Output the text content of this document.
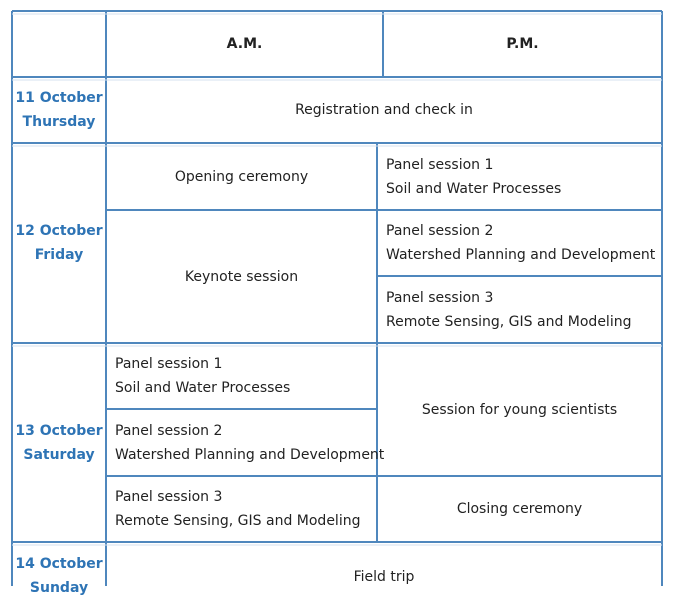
A.M.	P.M.
11 October
Thursday
Registration and check in
12 October
Friday
Opening ceremony
Panel session 1
Soil and Water Processes
Keynote session
Panel session 2
Watershed Planning and Development
Panel session 3
Remote Sensing, GIS and Modeling
13 October
Saturday
Panel session 1
Soil and Water Processes
Panel session 2
Watershed Planning and Development
Panel session 3
Remote Sensing, GIS and Modeling
Session for young scientists
Closing ceremony
14 October
Sunday
Field trip
